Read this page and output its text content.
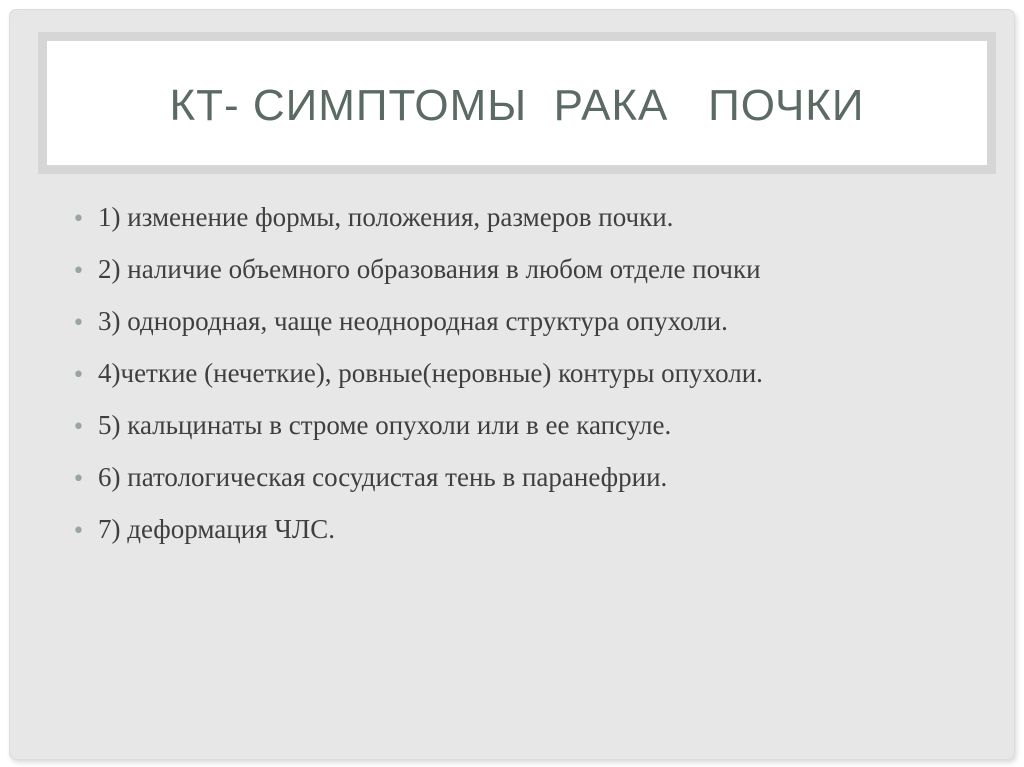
КТ- СИМПТОМЫ  РАКА   ПОЧКИ
• 1) изменение формы, положения, размеров почки.
• 2) наличие объемного образования в любом отделе почки
• 3) однородная, чаще неоднородная структура опухоли.
• 4)четкие (нечеткие), ровные(неровные) контуры опухоли.
• 5) кальцинаты в строме опухоли или в ее капсуле.
• 6) патологическая сосудистая тень в паранефрии.
• 7) деформация ЧЛС.
